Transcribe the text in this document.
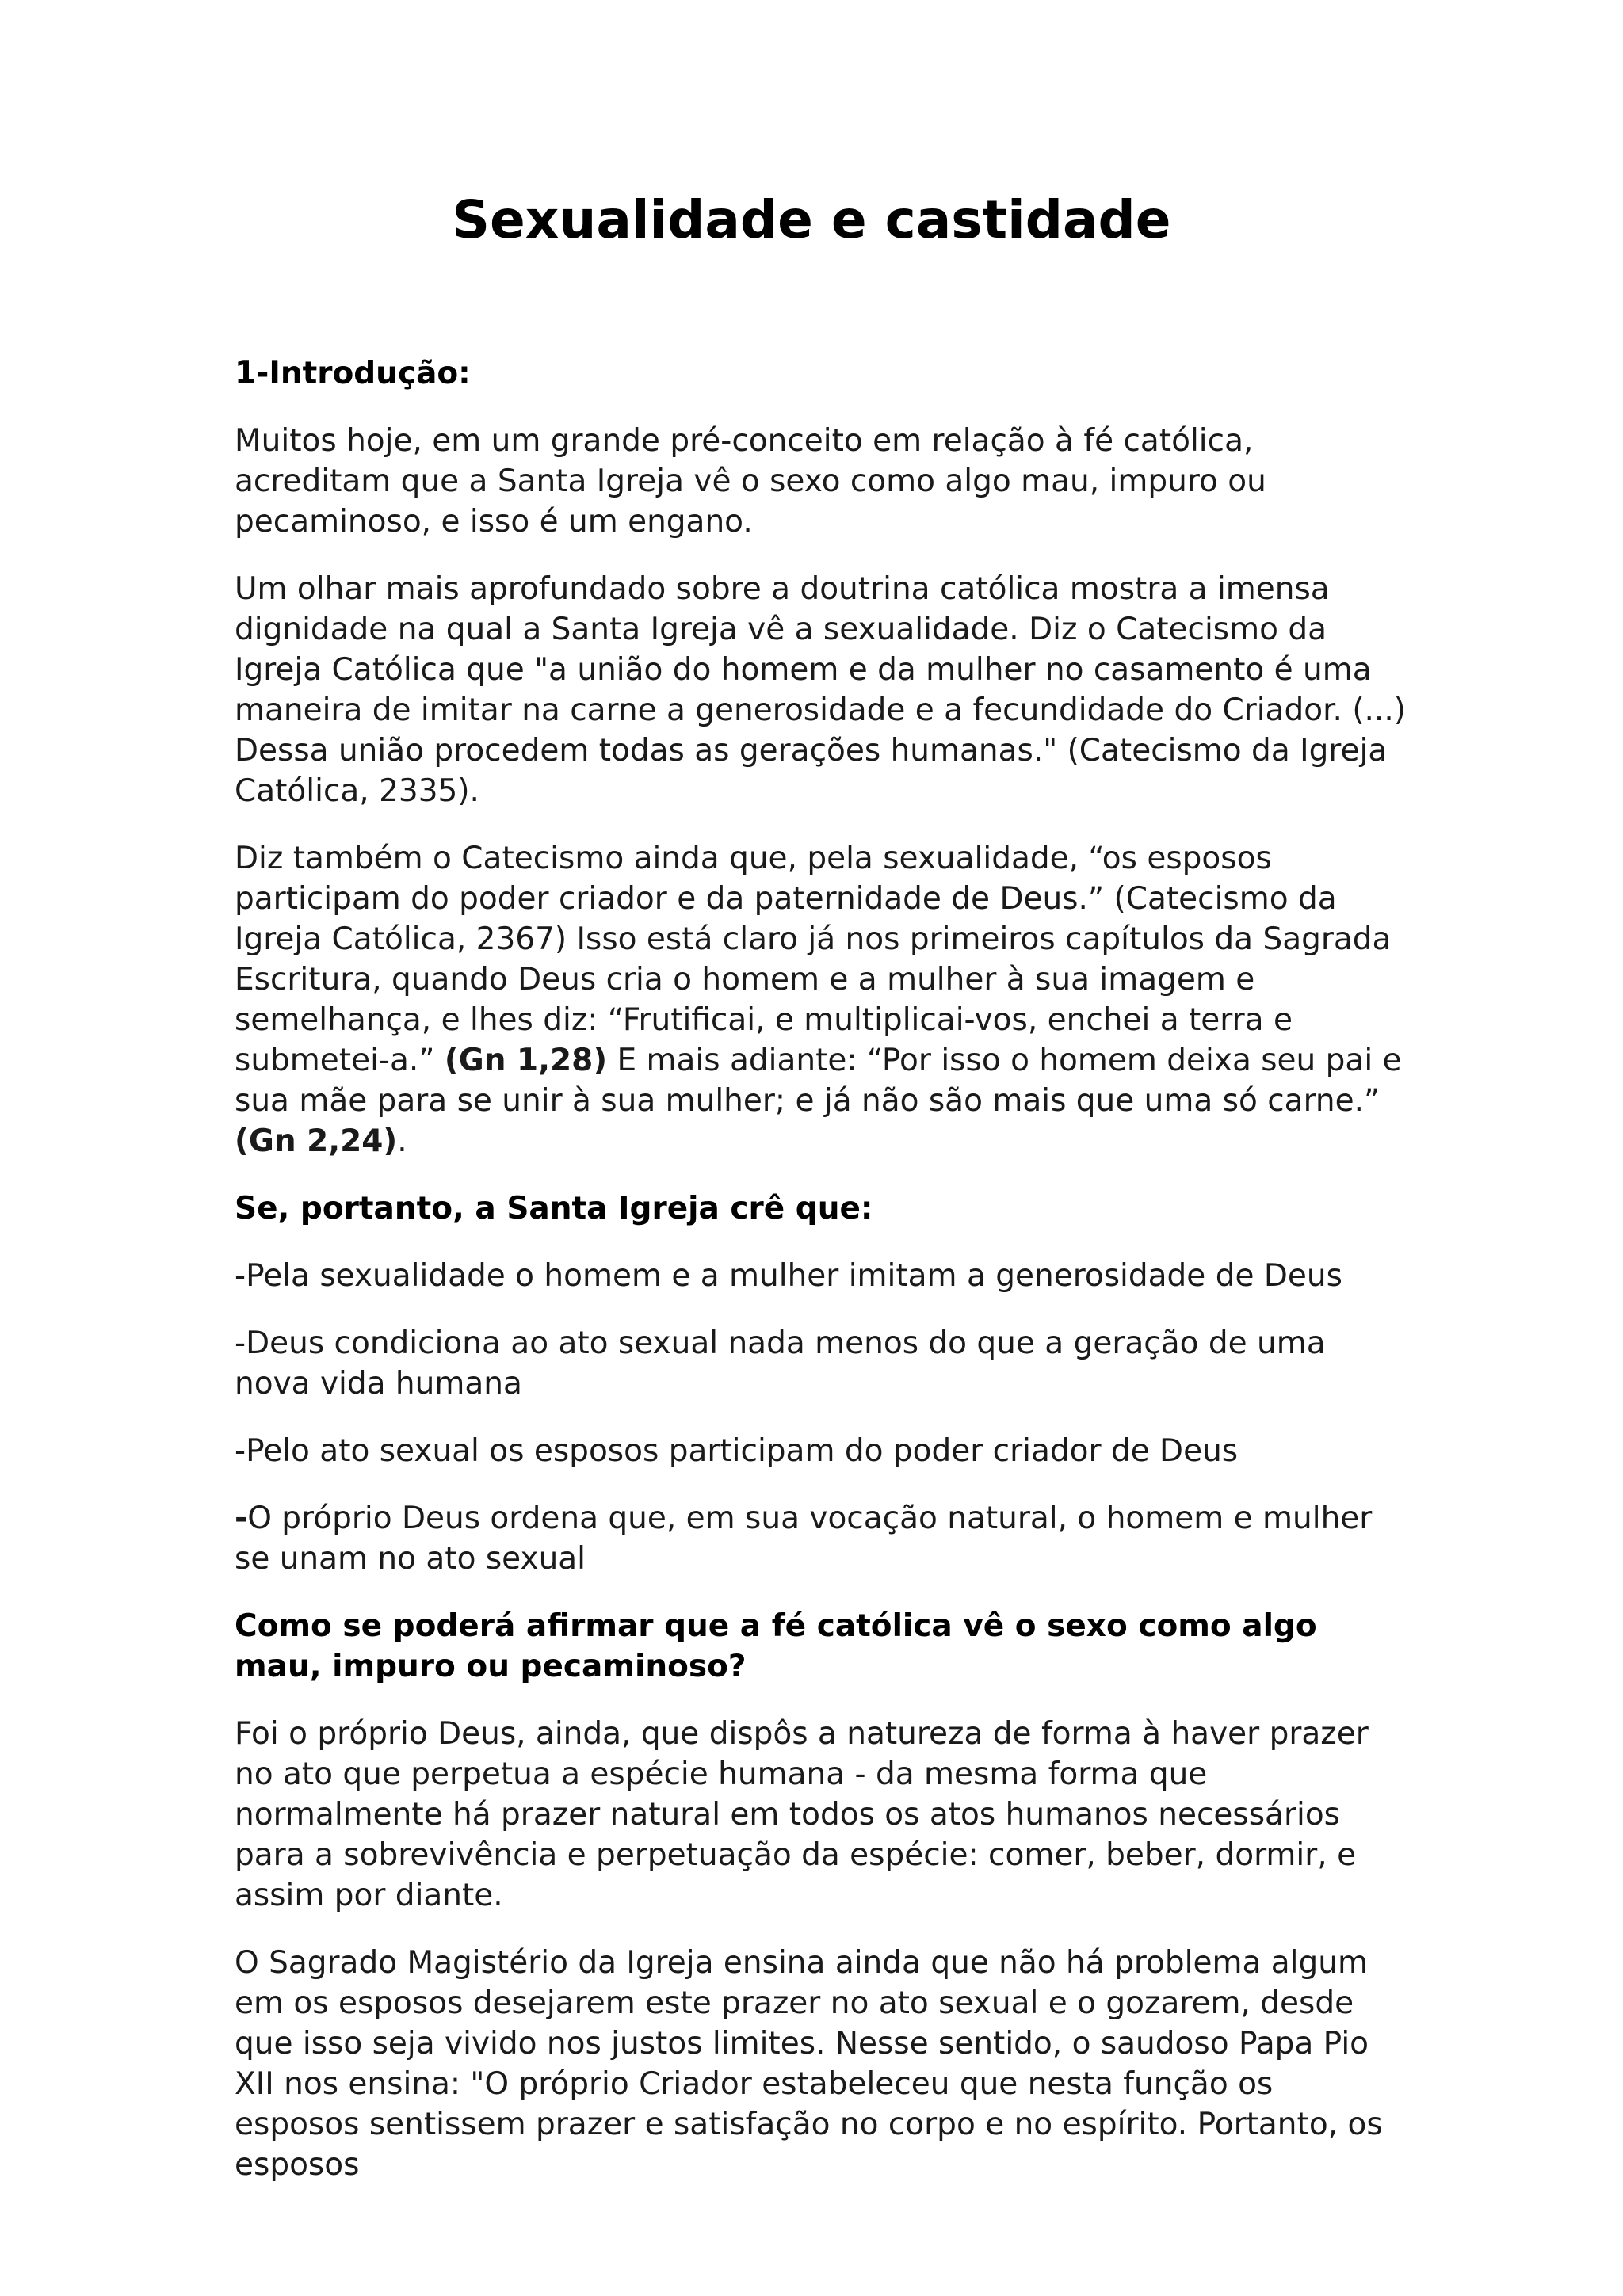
Sexualidade e castidade
1-Introdução:

Muitos hoje, em um grande pré-conceito em relação à fé católica, acreditam que a Santa Igreja vê o sexo como algo mau, impuro ou pecaminoso, e isso é um engano.

Um olhar mais aprofundado sobre a doutrina católica mostra a imensa dignidade na qual a Santa Igreja vê a sexualidade. Diz o Catecismo da Igreja Católica que "a união do homem e da mulher no casamento é uma maneira de imitar na carne a generosidade e a fecundidade do Criador. (...) Dessa união procedem todas as gerações humanas." (Catecismo da Igreja Católica, 2335).

Diz também o Catecismo ainda que, pela sexualidade, “os esposos participam do poder criador e da paternidade de Deus.” (Catecismo da Igreja Católica, 2367) Isso está claro já nos primeiros capítulos da Sagrada Escritura, quando Deus cria o homem e a mulher à sua imagem e semelhança, e lhes diz: “Frutificai, e multiplicai-vos, enchei a terra e submetei-a.” (Gn 1,28) E mais adiante: “Por isso o homem deixa seu pai e sua mãe para se unir à sua mulher; e já não são mais que uma só carne.” (Gn 2,24).

Se, portanto, a Santa Igreja crê que:

-Pela sexualidade o homem e a mulher imitam a generosidade de Deus

-Deus condiciona ao ato sexual nada menos do que a geração de uma nova vida humana

-Pelo ato sexual os esposos participam do poder criador de Deus

-O próprio Deus ordena que, em sua vocação natural, o homem e mulher se unam no ato sexual

Como se poderá afirmar que a fé católica vê o sexo como algo mau, impuro ou pecaminoso?

Foi o próprio Deus, ainda, que dispôs a natureza de forma à haver prazer no ato que perpetua a espécie humana - da mesma forma que normalmente há prazer natural em todos os atos humanos necessários para a sobrevivência e perpetuação da espécie: comer, beber, dormir, e assim por diante.

O Sagrado Magistério da Igreja ensina ainda que não há problema algum em os esposos desejarem este prazer no ato sexual e o gozarem, desde que isso seja vivido nos justos limites. Nesse sentido, o saudoso Papa Pio XII nos ensina: "O próprio Criador estabeleceu que nesta função os esposos sentissem prazer e satisfação no corpo e no espírito. Portanto, os esposos
